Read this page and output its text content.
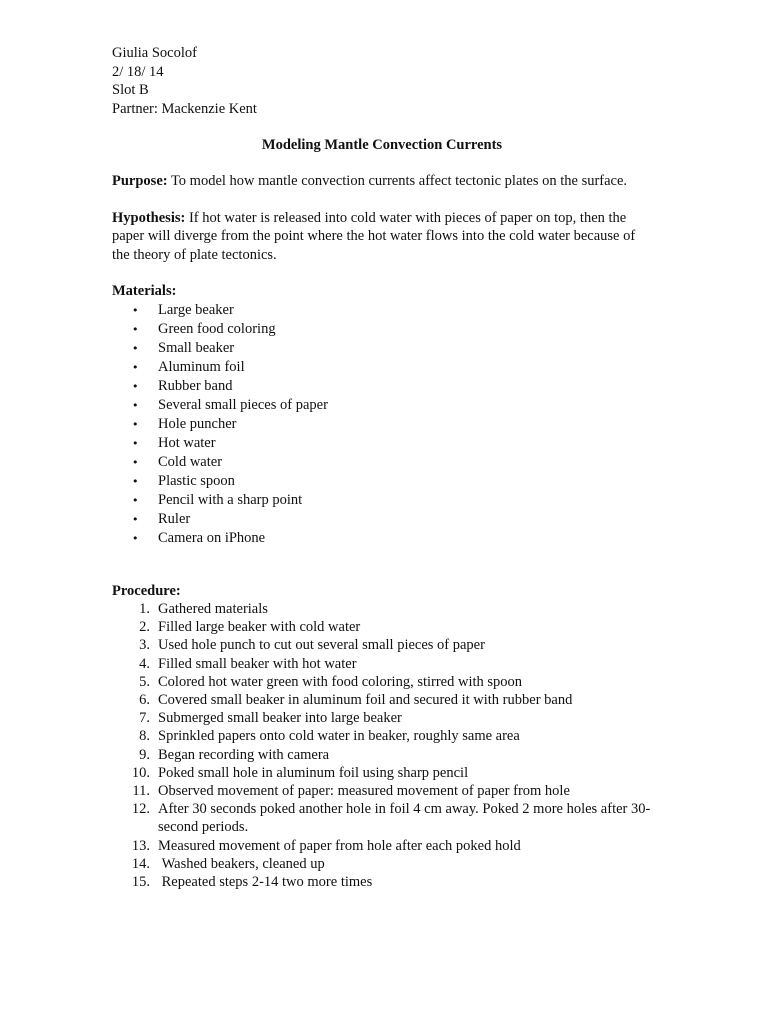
Giulia Socolof

2/ 18/ 14

Slot B

Partner: Mackenzie Kent

Modeling Mantle Convection Currents
Purpose: To model how mantle convection currents affect tectonic plates on the surface.
Hypothesis: If hot water is released into cold water with pieces of paper on top, then the paper will diverge from the point where the hot water flows into the cold water because of the theory of plate tectonics.
Materials:
• Large beaker
• Green food coloring
• Small beaker
• Aluminum foil
• Rubber band
• Several small pieces of paper
• Hole puncher
• Hot water
• Cold water
• Plastic spoon
• Pencil with a sharp point
• Ruler
• Camera on iPhone
Procedure:
1. Gathered materials
2. Filled large beaker with cold water
3. Used hole punch to cut out several small pieces of paper
4. Filled small beaker with hot water
5. Colored hot water green with food coloring, stirred with spoon
6. Covered small beaker in aluminum foil and secured it with rubber band
7. Submerged small beaker into large beaker
8. Sprinkled papers onto cold water in beaker, roughly same area
9. Began recording with camera
10. Poked small hole in aluminum foil using sharp pencil
11. Observed movement of paper: measured movement of paper from hole
12. After 30 seconds poked another hole in foil 4 cm away. Poked 2 more holes after 30-second periods.
13. Measured movement of paper from hole after each poked hold
14. Washed beakers, cleaned up
15. Repeated steps 2-14 two more times
